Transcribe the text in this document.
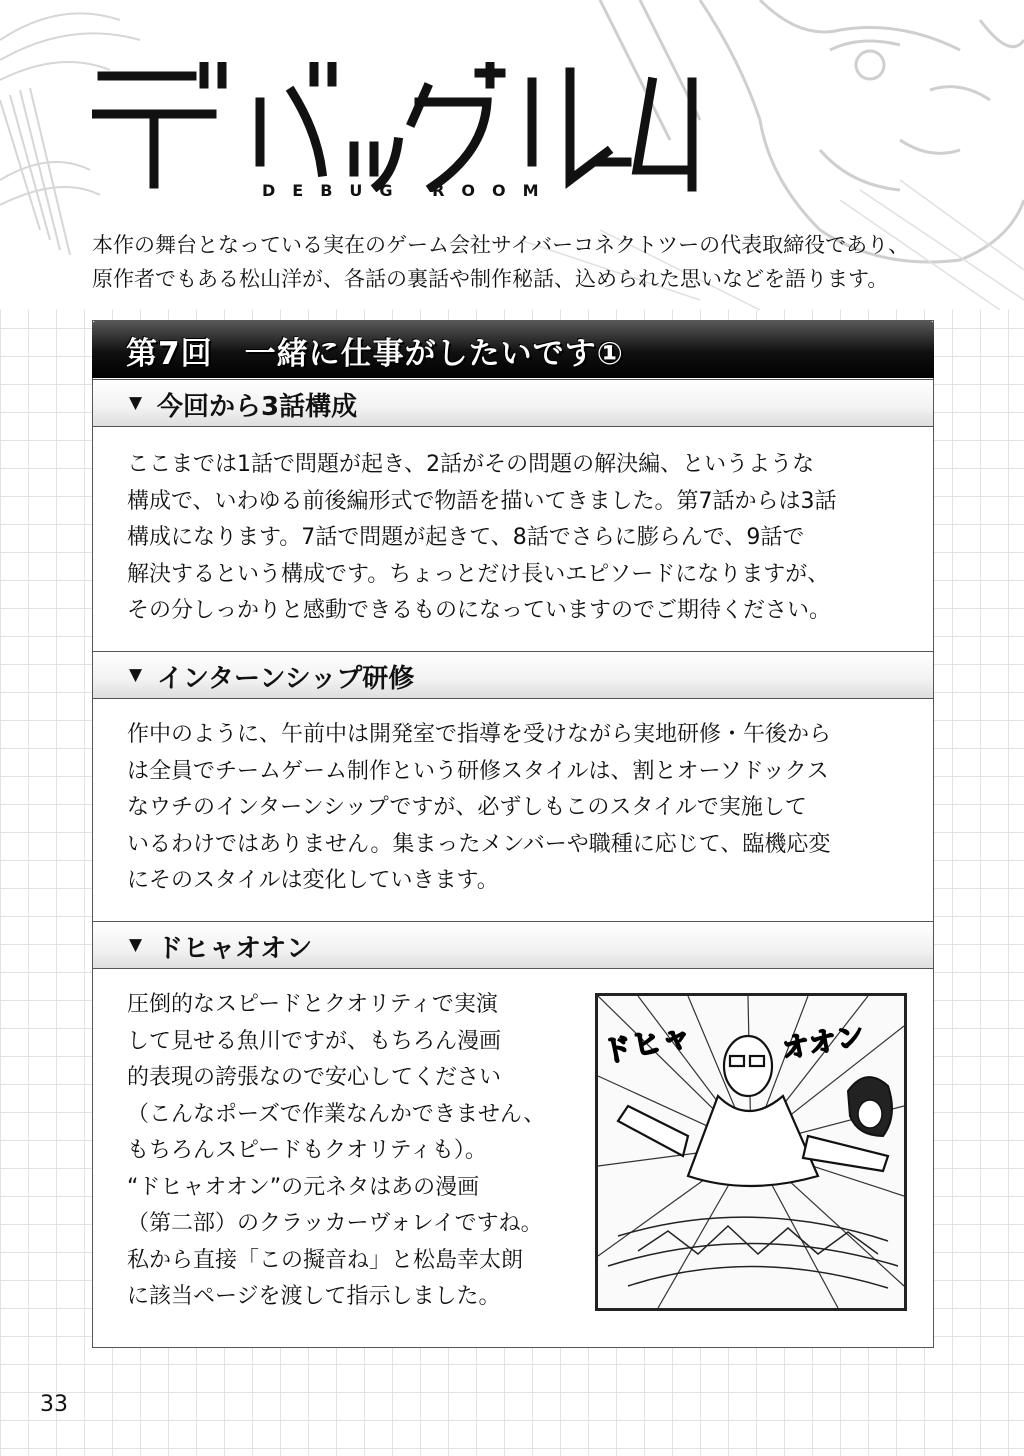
DEBUG ROOM

本作の舞台となっている実在のゲーム会社サイバーコネクトツーの代表取締役であり、

原作者でもある松山洋が、各話の裏話や制作秘話、込められた思いなどを語ります。

第7回　一緒に仕事がしたいです①
▼ 今回から3話構成

ここまでは1話で問題が起き、2話がその問題の解決編、というような

構成で、いわゆる前後編形式で物語を描いてきました。第7話からは3話

構成になります。7話で問題が起きて、8話でさらに膨らんで、9話で

解決するという構成です。ちょっとだけ長いエピソードになりますが、

その分しっかりと感動できるものになっていますのでご期待ください。

▼ インターンシップ研修

作中のように、午前中は開発室で指導を受けながら実地研修・午後から

は全員でチームゲーム制作という研修スタイルは、割とオーソドックス

なウチのインターンシップですが、必ずしもこのスタイルで実施して

いるわけではありません。集まったメンバーや職種に応じて、臨機応変

にそのスタイルは変化していきます。

▼ ドヒャオオン

圧倒的なスピードとクオリティで実演

して見せる魚川ですが、もちろん漫画

的表現の誇張なので安心してください

（こんなポーズで作業なんかできません、

もちろんスピードもクオリティも）。

“ドヒャオオン”の元ネタはあの漫画

（第二部）のクラッカーヴォレイですね。

私から直接「この擬音ね」と松島幸太朗

に該当ページを渡して指示しました。

ドヒャ	オオン
33
